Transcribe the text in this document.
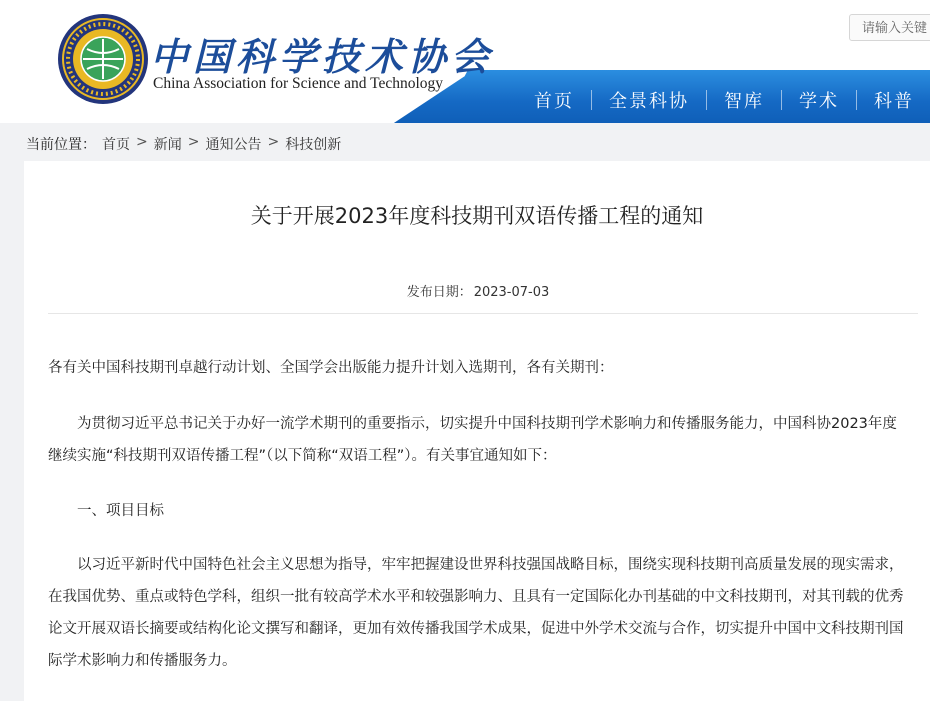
中国科学技术协会
China Association for Science and Technology
请输入关键
首页	全景科协	智库	学术	科普
当前位置： 首页 > 新闻 > 通知公告 > 科技创新
关于开展2023年度科技期刊双语传播工程的通知
发布日期： 2023-07-03
各有关中国科技期刊卓越行动计划、全国学会出版能力提升计划入选期刊，各有关期刊：
为贯彻习近平总书记关于办好一流学术期刊的重要指示，切实提升中国科技期刊学术影响力和传播服务能力，中国科协2023年度继续实施“科技期刊双语传播工程”（以下简称“双语工程”）。有关事宜通知如下：
一、项目目标
以习近平新时代中国特色社会主义思想为指导，牢牢把握建设世界科技强国战略目标，围绕实现科技期刊高质量发展的现实需求，在我国优势、重点或特色学科，组织一批有较高学术水平和较强影响力、且具有一定国际化办刊基础的中文科技期刊，对其刊载的优秀论文开展双语长摘要或结构化论文撰写和翻译，更加有效传播我国学术成果，促进中外学术交流与合作，切实提升中国中文科技期刊国际学术影响力和传播服务力。
